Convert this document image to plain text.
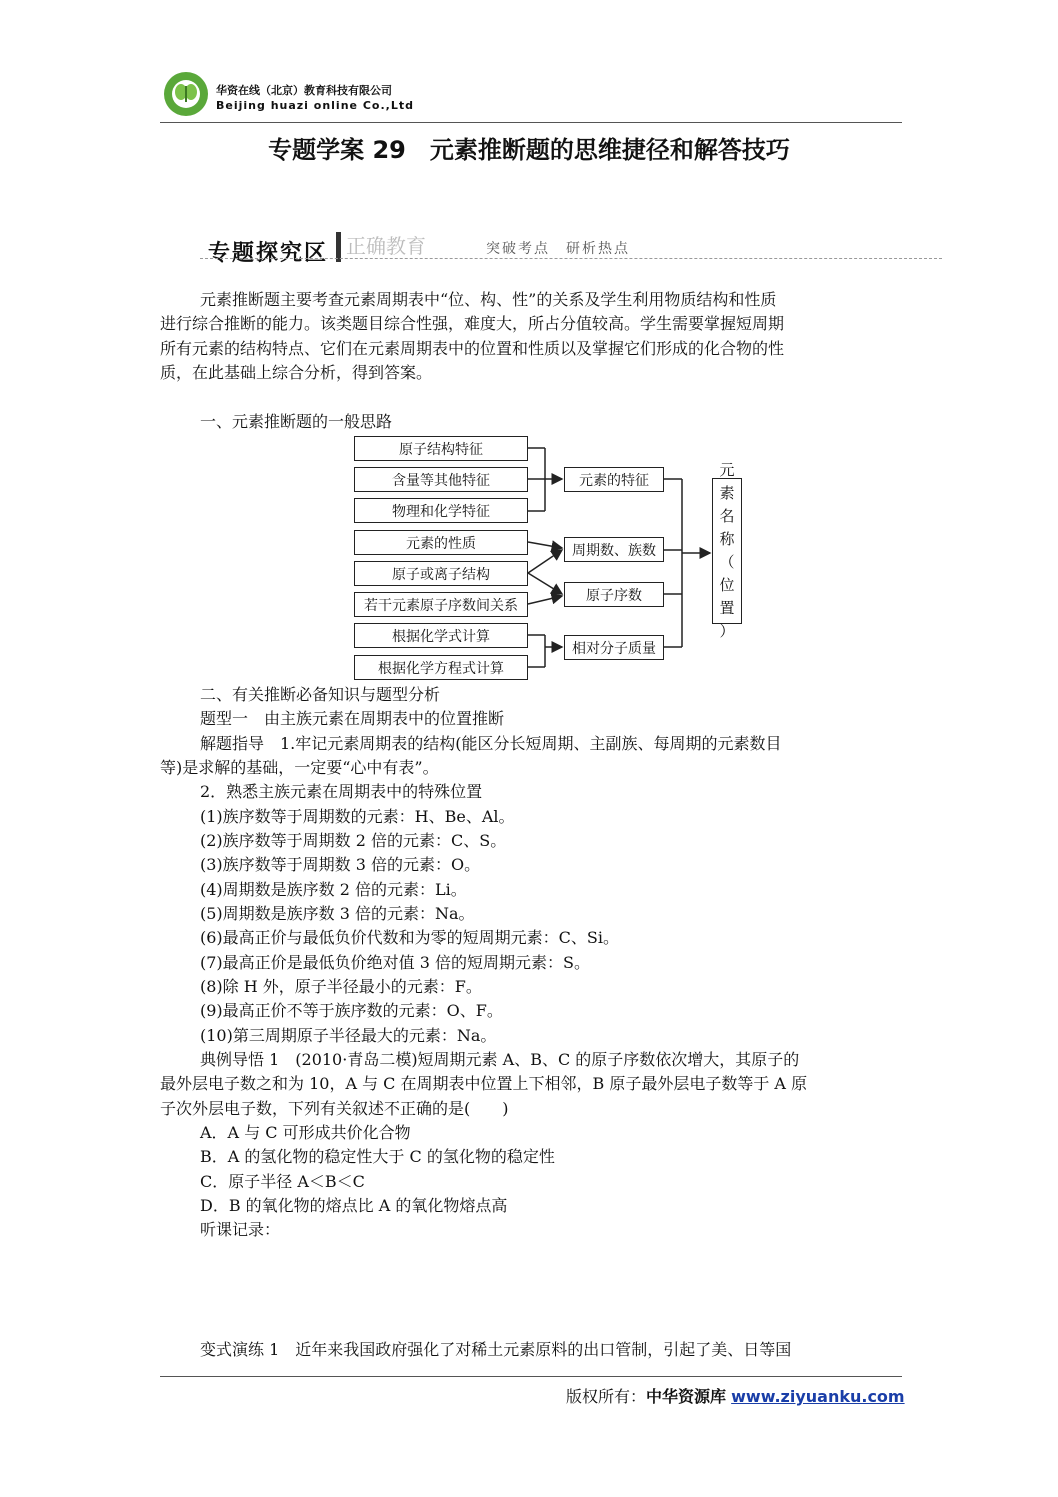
华资在线（北京）教育科技有限公司
Beijing huazi online Co.,Ltd
专题学案 29　元素推断题的思维捷径和解答技巧
专题探究区 正确教育	突破考点　研析热点
元素推断题主要考查元素周期表中“位、构、性”的关系及学生利用物质结构和性质
进行综合推断的能力。该类题目综合性强，难度大，所占分值较高。学生需要掌握短周期
所有元素的结构特点、它们在元素周期表中的位置和性质以及掌握它们形成的化合物的性
质，在此基础上综合分析，得到答案。
一、元素推断题的一般思路
原子结构特征
含量等其他特征
物理和化学特征
元素的性质
原子或离子结构
若干元素原子序数间关系
根据化学式计算
根据化学方程式计算
元素的特征
周期数、族数
原子序数
相对分子质量
元
素
名
称
（
位
置
）
二、有关推断必备知识与题型分析
题型一　由主族元素在周期表中的位置推断
解题指导　1.牢记元素周期表的结构(能区分长短周期、主副族、每周期的元素数目
等)是求解的基础，一定要“心中有表”。
2．熟悉主族元素在周期表中的特殊位置
(1)族序数等于周期数的元素：H、Be、Al。
(2)族序数等于周期数 2 倍的元素：C、S。
(3)族序数等于周期数 3 倍的元素：O。
(4)周期数是族序数 2 倍的元素：Li。
(5)周期数是族序数 3 倍的元素：Na。
(6)最高正价与最低负价代数和为零的短周期元素：C、Si。
(7)最高正价是最低负价绝对值 3 倍的短周期元素：S。
(8)除 H 外，原子半径最小的元素：F。
(9)最高正价不等于族序数的元素：O、F。
(10)第三周期原子半径最大的元素：Na。
典例导悟 1　(2010·青岛二模)短周期元素 A、B、C 的原子序数依次增大，其原子的
最外层电子数之和为 10，A 与 C 在周期表中位置上下相邻，B 原子最外层电子数等于 A 原
子次外层电子数，下列有关叙述不正确的是(　　)
A．A 与 C 可形成共价化合物
B．A 的氢化物的稳定性大于 C 的氢化物的稳定性
C．原子半径 A＜B＜C
D．B 的氧化物的熔点比 A 的氧化物熔点高
听课记录：
变式演练 1　近年来我国政府强化了对稀土元素原料的出口管制，引起了美、日等国
版权所有：中华资源库 www.ziyuanku.com
